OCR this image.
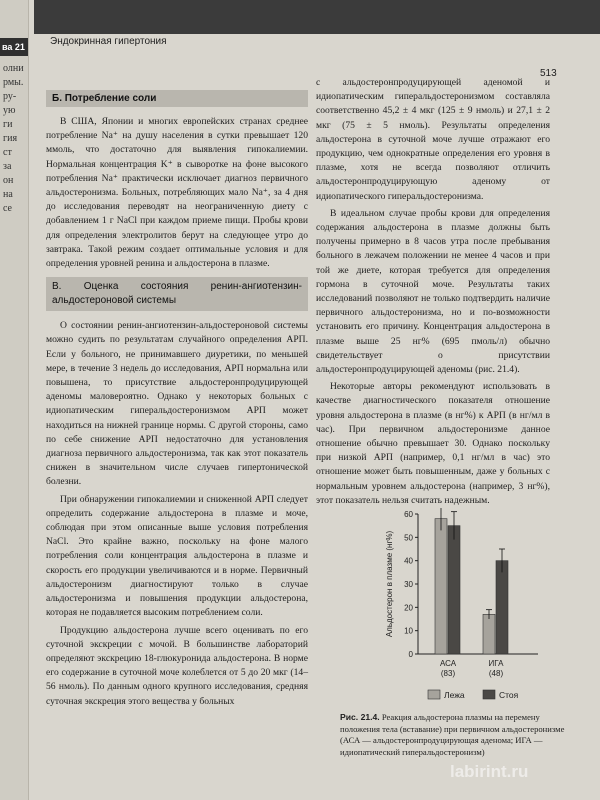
ва 21
олни
рмы.
ру-
ую
ги
гия
ст
за
он
на
се
Эндокринная гипертония
513
Б. Потребление соли

В США, Японии и многих европейских странах среднее потребление Na⁺ на душу населения в сутки превышает 120 ммоль, что достаточно для выявления гипокалиемии. Нормальная концентрация K⁺ в сыворотке на фоне высокого потребления Na⁺ практически исключает диагноз первичного альдостеронизма. Больных, потребляющих мало Na⁺, за 4 дня до исследования переводят на неограниченную диету с добавлением 1 г NaCl при каждом приеме пищи. Пробы крови для определения электролитов берут на следующее утро до завтрака. Такой режим создает оптимальные условия и для определения уровней ренина и альдостерона в плазме.

В. Оценка состояния ренин-ангиотензин-альдостероновой системы

О состоянии ренин-ангиотензин-альдостероновой системы можно судить по результатам случайного определения АРП. Если у больного, не принимавшего диуретики, по меньшей мере, в течение 3 недель до исследования, АРП нормальна или повышена, то присутствие альдостеронпродуцирующей аденомы маловероятно. Однако у некоторых больных с идиопатическим гиперальдостеронизмом АРП может находиться на нижней границе нормы. С другой стороны, само по себе снижение АРП недостаточно для установления диагноза первичного альдостеронизма, так как этот показатель снижен в значительном числе случаев гипертонической болезни.

При обнаружении гипокалиемии и сниженной АРП следует определить содержание альдостерона в плазме и моче, соблюдая при этом описанные выше условия потребления NaCl. Это крайне важно, поскольку на фоне малого потребления соли концентрация альдостерона в плазме и скорость его продукции увеличиваются и в норме. Первичный альдостеронизм диагностируют только в случае альдостеронизма и повышения продукции альдостерона, которая не подавляется высоким потреблением соли.

Продукцию альдостерона лучше всего оценивать по его суточной экскреции с мочой. В большинстве лабораторий определяют экскрецию 18-глюкуронида альдостерона. В норме его содержание в суточной моче колеблется от 5 до 20 мкг (14–56 нмоль). По данным одного крупного исследования, средняя суточная экскреция этого вещества у больных

с альдостеронпродуцирующей аденомой и идиопатическим гиперальдостеронизмом составляла соответственно 45,2 ± 4 мкг (125 ± 9 нмоль) и 27,1 ± 2 мкг (75 ± 5 нмоль). Результаты определения альдостерона в суточной моче лучше отражают его продукцию, чем однократные определения его уровня в плазме, хотя не всегда позволяют отличить альдостеронпродуцирующую аденому от идиопатического гиперальдостеронизма.

В идеальном случае пробы крови для определения содержания альдостерона в плазме должны быть получены примерно в 8 часов утра после пребывания больного в лежачем положении не менее 4 часов и при той же диете, которая требуется для определения гормона в суточной моче. Результаты таких исследований позволяют не только подтвердить наличие первичного альдостеронизма, но и по-возможности установить его причину. Концентрация альдостерона в плазме выше 25 нг% (695 пмоль/л) обычно свидетельствует о присутствии альдостеронпродуцирующей аденомы (рис. 21.4).

Некоторые авторы рекомендуют использовать в качестве диагностического показателя отношение уровня альдостерона в плазме (в нг%) к АРП (в нг/мл в час). При первичном альдостеронизме данное отношение обычно превышает 30. Однако поскольку при низкой АРП (например, 0,1 нг/мл в час) это отношение может быть повышенным, даже у больных с нормальным уровнем альдостерона (например, 3 нг%), этот показатель нельзя считать надежным.

0
10
20
30
40
50
60
Альдостерон в плазме (нг%)
АСА
(83)
ИГА
(48)
Лежа	Стоя
Рис. 21.4. Реакция альдостерона плазмы на перемену положения тела (вставание) при первичном альдостеронизме (АСА — альдостеронпродуцирующая аденома; ИГА — идиопатический гиперальдостеронизм)
labirint.ru
